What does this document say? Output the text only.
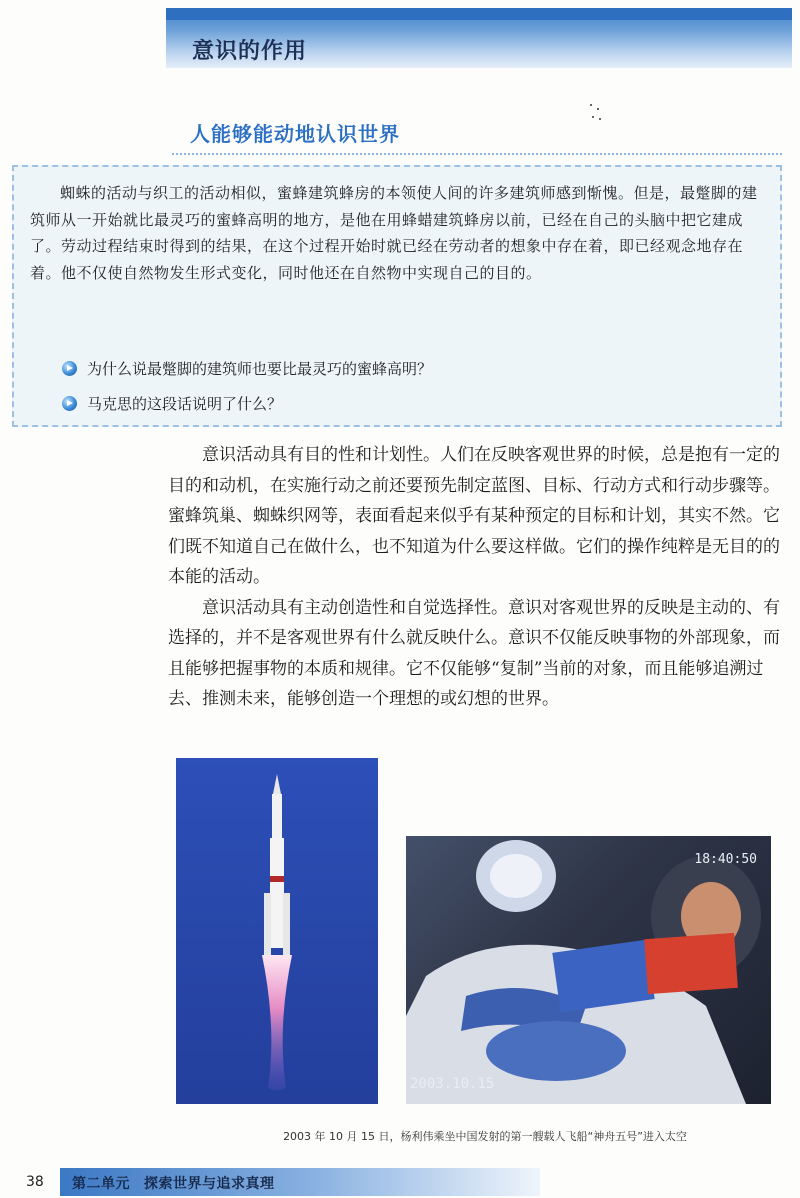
意识的作用
人能够能动地认识世界
蜘蛛的活动与织工的活动相似，蜜蜂建筑蜂房的本领使人间的许多建筑师感到惭愧。但是，最蹩脚的建筑师从一开始就比最灵巧的蜜蜂高明的地方，是他在用蜂蜡建筑蜂房以前，已经在自己的头脑中把它建成了。劳动过程结束时得到的结果，在这个过程开始时就已经在劳动者的想象中存在着，即已经观念地存在着。他不仅使自然物发生形式变化，同时他还在自然物中实现自己的目的。
为什么说最蹩脚的建筑师也要比最灵巧的蜜蜂高明？
马克思的这段话说明了什么？

意识活动具有目的性和计划性。人们在反映客观世界的时候，总是抱有一定的目的和动机，在实施行动之前还要预先制定蓝图、目标、行动方式和行动步骤等。蜜蜂筑巢、蜘蛛织网等，表面看起来似乎有某种预定的目标和计划，其实不然。它们既不知道自己在做什么，也不知道为什么要这样做。它们的操作纯粹是无目的的本能的活动。

意识活动具有主动创造性和自觉选择性。意识对客观世界的反映是主动的、有选择的，并不是客观世界有什么就反映什么。意识不仅能反映事物的外部现象，而且能够把握事物的本质和规律。它不仅能够“复制”当前的对象，而且能够追溯过去、推测未来，能够创造一个理想的或幻想的世界。

18:40:50
2003.10.15
2003 年 10 月 15 日，杨利伟乘坐中国发射的第一艘载人飞船“神舟五号”进入太空
38 第二单元 探索世界与追求真理
